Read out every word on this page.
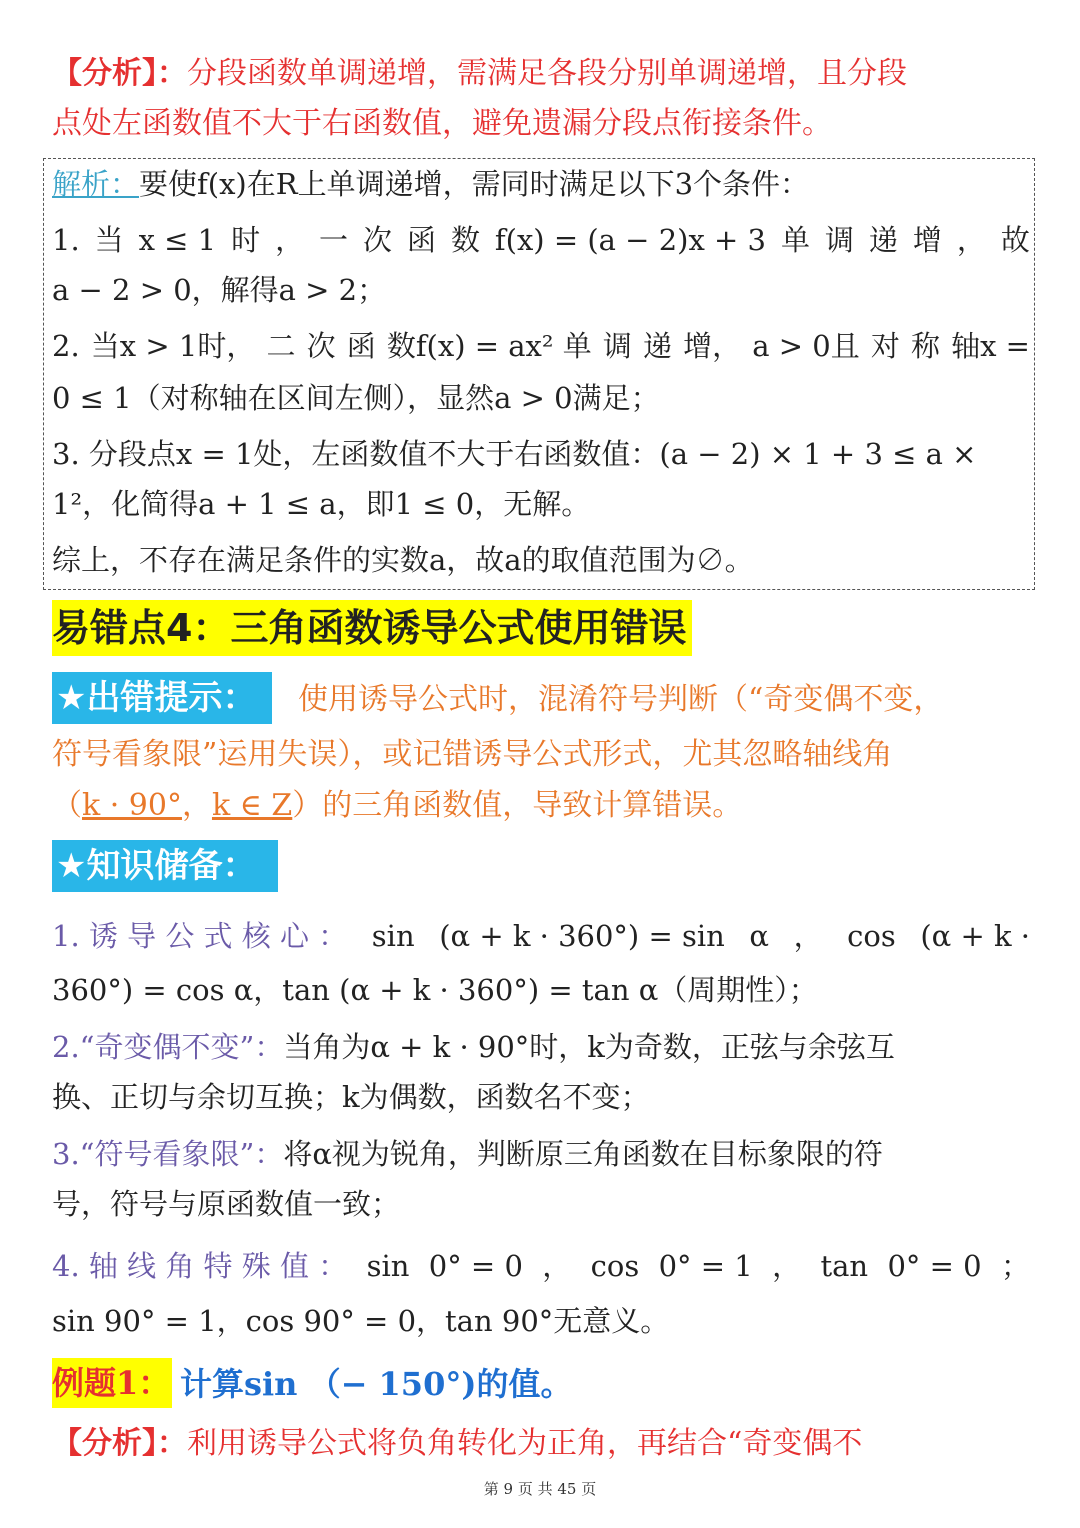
【分析】：分段函数单调递增，需满足各段分别单调递增，且分段
点处左函数值不大于右函数值，避免遗漏分段点衔接条件。
解析：要使f(x)在R上单调递增，需同时满足以下3个条件：
1. 当 x ≤ 1 时 ， 一 次 函 数 f(x) = (a − 2)x + 3 单 调 递 增 ， 故
a − 2 > 0，解得a > 2；
2. 当x > 1时， 二 次 函 数f(x) = ax² 单 调 递 增， a > 0且 对 称 轴x =
0 ≤ 1（对称轴在区间左侧），显然a > 0满足；
3. 分段点x = 1处，左函数值不大于右函数值：(a − 2) × 1 + 3 ≤ a ×
1²，化简得a + 1 ≤ a，即1 ≤ 0，无解。
综上，不存在满足条件的实数a，故a的取值范围为∅。
易错点4：三角函数诱导公式使用错误
★出错提示：	使用诱导公式时，混淆符号判断（“奇变偶不变，
符号看象限”运用失误），或记错诱导公式形式，尤其忽略轴线角
（k · 90°，k ∈ Z）的三角函数值，导致计算错误。
★知识储备：
1. 诱 导 公 式 核 心 ： sin (α + k · 360°) = sin α ， cos (α + k ·
360°) = cos α，tan (α + k · 360°) = tan α（周期性）；
2.“奇变偶不变”：当角为α + k · 90°时，k为奇数，正弦与余弦互
换、正切与余切互换；k为偶数，函数名不变；
3.“符号看象限”：将α视为锐角，判断原三角函数在目标象限的符
号，符号与原函数值一致；
4. 轴 线 角 特 殊 值 ： sin 0° = 0 ， cos 0° = 1 ， tan 0° = 0 ；
sin 90° = 1，cos 90° = 0，tan 90°无意义。
例题1： 计算sin （− 150°)的值。
【分析】：利用诱导公式将负角转化为正角，再结合“奇变偶不
第 9 页 共 45 页
